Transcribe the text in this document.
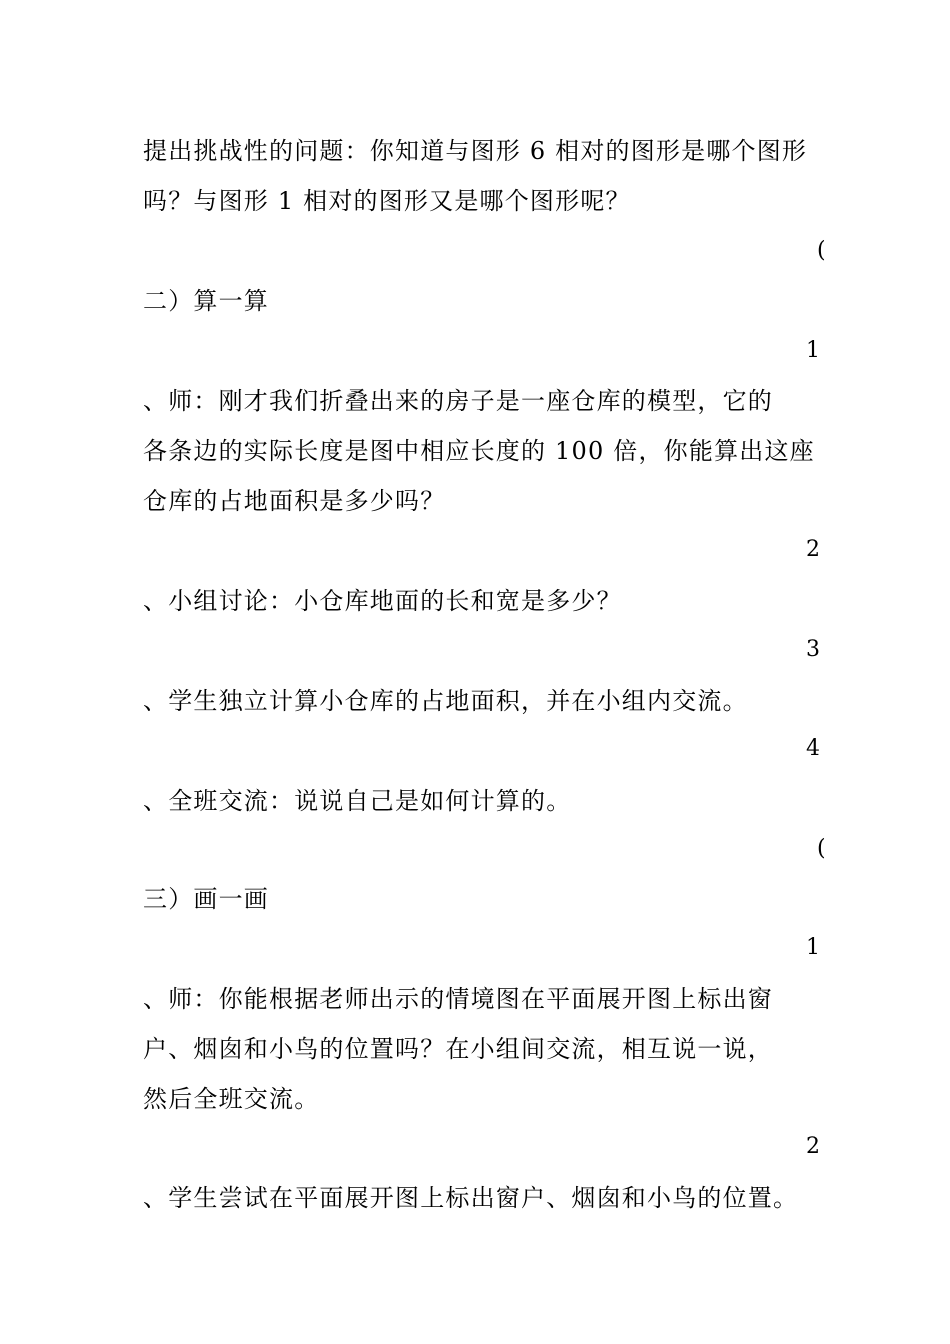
提出挑战性的问题：你知道与图形 6 相对的图形是哪个图形
吗？与图形 1 相对的图形又是哪个图形呢？
(
二）算一算
1
、师：刚才我们折叠出来的房子是一座仓库的模型，它的
各条边的实际长度是图中相应长度的 100 倍，你能算出这座
仓库的占地面积是多少吗？
2
、小组讨论：小仓库地面的长和宽是多少？
3
、学生独立计算小仓库的占地面积，并在小组内交流。
4
、全班交流：说说自己是如何计算的。
(
三）画一画
1
、师：你能根据老师出示的情境图在平面展开图上标出窗
户、烟囱和小鸟的位置吗？在小组间交流，相互说一说，
然后全班交流。
2
、学生尝试在平面展开图上标出窗户、烟囱和小鸟的位置。
